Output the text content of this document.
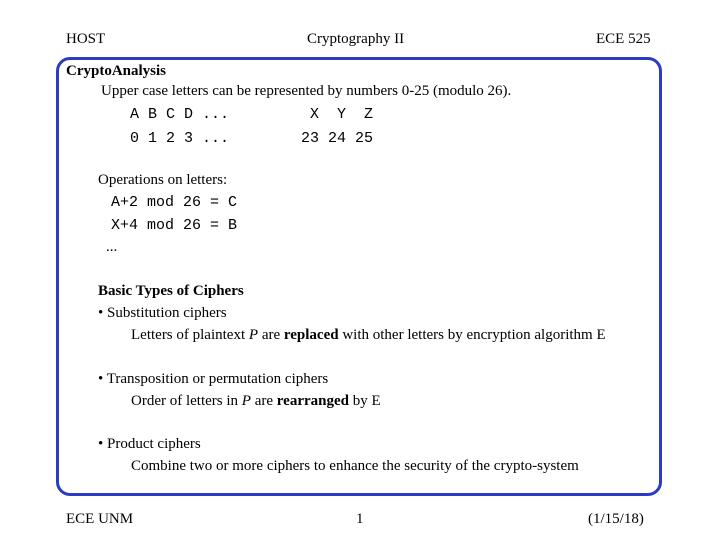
HOST	Cryptography II	ECE 525
CryptoAnalysis
Upper case letters can be represented by numbers 0-25 (modulo 26).
A B C D ...         X  Y  Z
0 1 2 3 ...        23 24 25
Operations on letters:
A+2 mod 26 = C
X+4 mod 26 = B
...
Basic Types of Ciphers
• Substitution ciphers
Letters of plaintext P are replaced with other letters by encryption algorithm E
• Transposition or permutation ciphers
Order of letters in P are rearranged by E
• Product ciphers
Combine two or more ciphers to enhance the security of the crypto-system
ECE UNM	1	(1/15/18)
